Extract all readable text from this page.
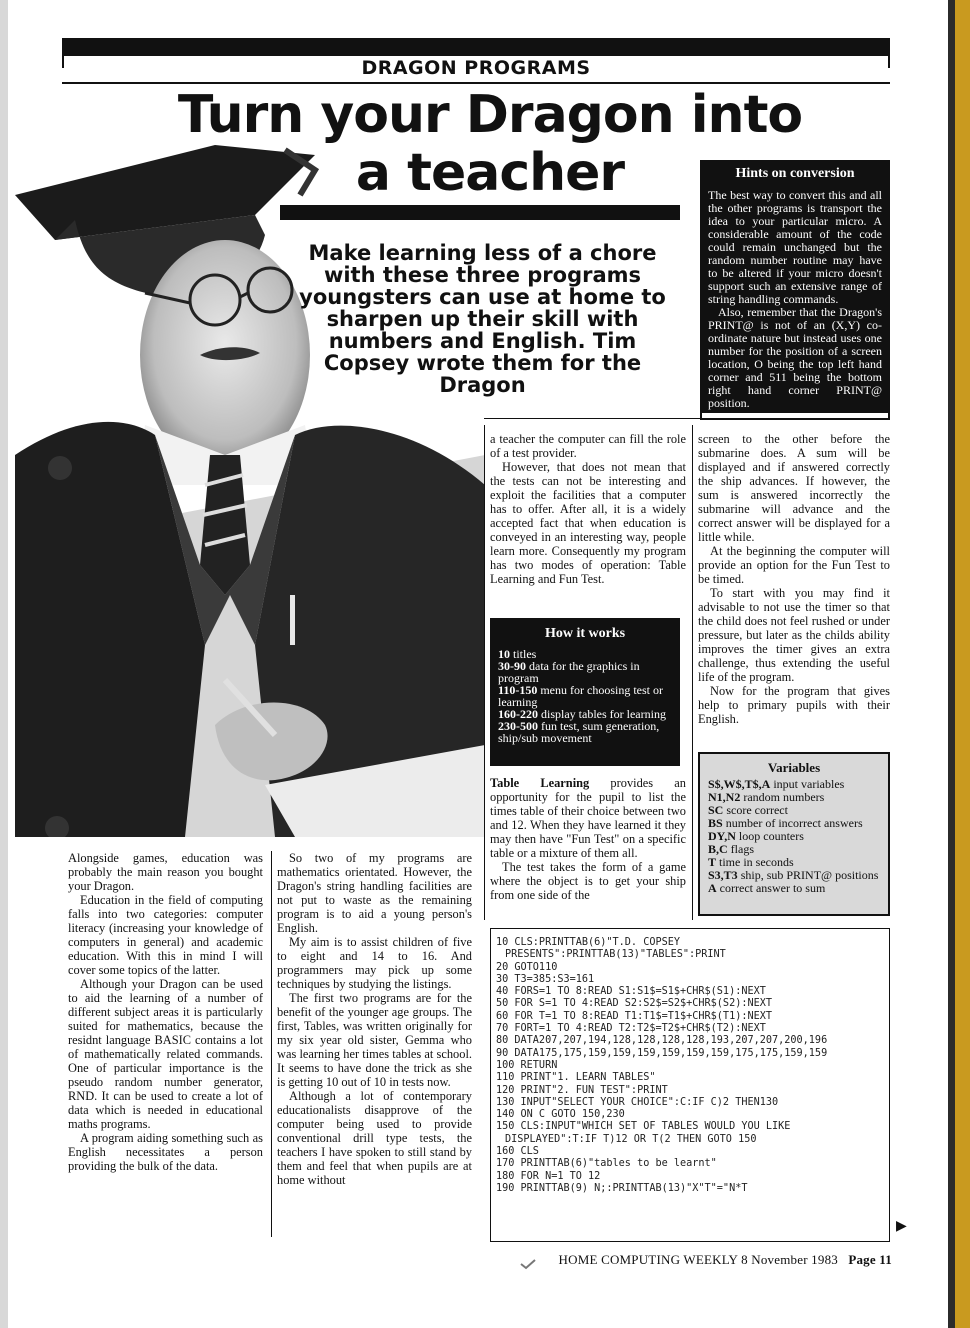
DRAGON PROGRAMS
Turn your Dragon into
a teacher
Make learning less of a chore with these three programs youngsters can use at home to sharpen up their skill with numbers and English. Tim Copsey wrote them for the Dragon
Hints on conversion

The best way to convert this and all the other programs is transport the idea to your particular micro. A considerable amount of the code could remain unchanged but the random number routine may have to be altered if your micro doesn't support such an extensive range of string handling commands.

Also, remember that the Dragon's PRINT@ is not of an (X,Y) co-ordinate nature but instead uses one number for the position of a screen location, O being the top left hand corner and 511 being the bottom right hand corner PRINT@ position.

Alongside games, education was probably the main reason you bought your Dragon.

Education in the field of computing falls into two categories: computer literacy (increasing your knowledge of computers in general) and academic education. With this in mind I will cover some topics of the latter.

Although your Dragon can be used to aid the learning of a number of different subject areas it is particularly suited for mathematics, because the residnt language BASIC contains a lot of mathematically related commands. One of particular importance is the pseudo random number generator, RND. It can be used to create a lot of data which is needed in educational maths programs.

A program aiding something such as English necessitates a person providing the bulk of the data.

So two of my programs are mathematics orientated. However, the Dragon's string handling facilities are not put to waste as the remaining program is to aid a young person's English.

My aim is to assist children of five to eight and 14 to 16. And programmers may pick up some techniques by studying the listings.

The first two programs are for the benefit of the younger age groups. The first, Tables, was written originally for my six year old sister, Gemma who was learning her times tables at school. It seems to have done the trick as she is getting 10 out of 10 in tests now.

Although a lot of contemporary educationalists disapprove of the computer being used to provide conventional drill type tests, the teachers I have spoken to still stand by them and feel that when pupils are at home without

a teacher the computer can fill the role of a test provider.

However, that does not mean that the tests can not be interesting and exploit the facilities that a computer has to offer. After all, it is a widely accepted fact that when education is conveyed in an interesting way, people learn more. Consequently my program has two modes of operation: Table Learning and Fun Test.

How it works
10 titles
30-90 data for the graphics in program
110-150 menu for choosing test or learning
160-220 display tables for learning
230-500 fun test, sum generation, ship/sub movement

Table Learning provides an opportunity for the pupil to list the times table of their choice between two and 12. When they have learned it they may then have "Fun Test" on a specific table or a mixture of them all.

The test takes the form of a game where the object is to get your ship from one side of the

screen to the other before the submarine does. A sum will be displayed and if answered correctly the ship advances. If however, the sum is answered incorrectly the submarine will advance and the correct answer will be displayed for a little while.

At the beginning the computer will provide an option for the Fun Test to be timed.

To start with you may find it advisable to not use the timer so that the child does not feel rushed or under pressure, but later as the childs ability improves the timer gives an extra challenge, thus extending the useful life of the program.

Now for the program that gives help to primary pupils with their English.

Variables
S$,W$,T$,A input variables
N1,N2 random numbers
SC score correct
BS number of incorrect answers
DY,N loop counters
B,C flags
T time in seconds
S3,T3 ship, sub PRINT@ positions
A correct answer to sum
10 CLS:PRINTTAB(6)"T.D. COPSEY PRESENTS":PRINTTAB(13)"TABLES":PRINT
20 GOTO110
30 T3=385:S3=161
40 FORS=1 TO 8:READ S1:S1$=S1$+CHR$(S1):NEXT
50 FOR S=1 TO 4:READ S2:S2$=S2$+CHR$(S2):NEXT
60 FOR T=1 TO 8:READ T1:T1$=T1$+CHR$(T1):NEXT
70 FORT=1 TO 4:READ T2:T2$=T2$+CHR$(T2):NEXT
80 DATA207,207,194,128,128,128,128,193,207,207,200,196
90 DATA175,175,159,159,159,159,159,159,175,175,159,159
100 RETURN
110 PRINT"1. LEARN TABLES"
120 PRINT"2. FUN TEST":PRINT
130 INPUT"SELECT YOUR CHOICE":C:IF C)2 THEN130
140 ON C GOTO 150,230
150 CLS:INPUT"WHICH SET OF TABLES WOULD YOU LIKE DISPLAYED":T:IF T)12 OR T(2 THEN GOTO 150
160 CLS
170 PRINTTAB(6)"tables to be learnt"
180 FOR N=1 TO 12
190 PRINTTAB(9) N;:PRINTTAB(13)"X"T"="N*T
▶
HOME COMPUTING WEEKLY 8 November 1983 Page 11
